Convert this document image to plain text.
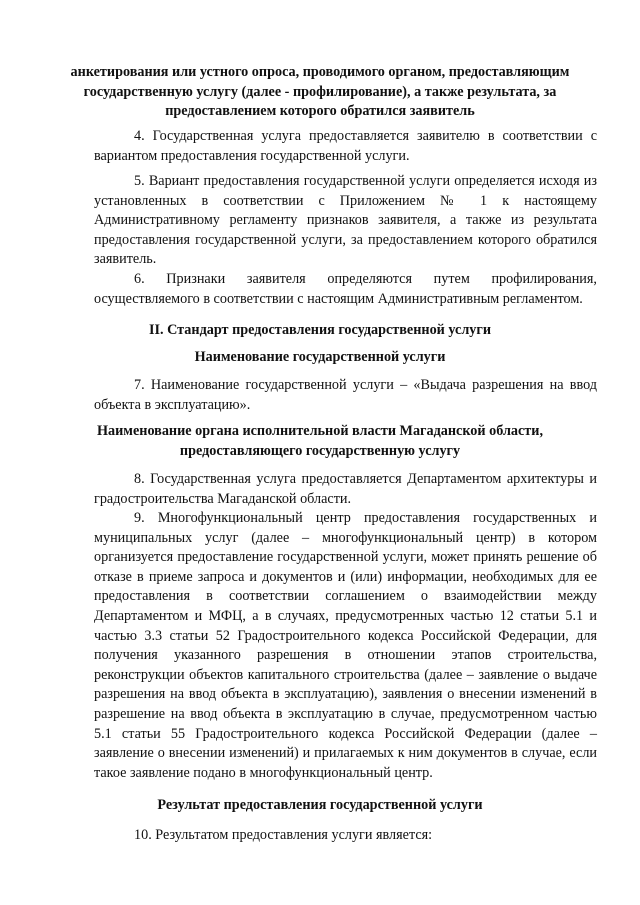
анкетирования или устного опроса, проводимого органом, предоставляющим государственную услугу (далее - профилирование), а также результата, за предоставлением которого обратился заявитель
4. Государственная услуга предоставляется заявителю в соответствии с вариантом предоставления государственной услуги.
5. Вариант предоставления государственной услуги определяется исходя из установленных в соответствии с Приложением № 1 к настоящему Административному регламенту признаков заявителя, а также из результата предоставления государственной услуги, за предоставлением которого обратился заявитель.
6. Признаки заявителя определяются путем профилирования,
осуществляемого в соответствии с настоящим Административным регламентом.
II. Стандарт предоставления государственной услуги
Наименование государственной услуги
7. Наименование государственной услуги – «Выдача разрешения на ввод объекта в эксплуатацию».
Наименование органа исполнительной власти Магаданской области, предоставляющего государственную услугу
8. Государственная услуга предоставляется Департаментом архитектуры и градостроительства Магаданской области.
9. Многофункциональный центр предоставления государственных и муниципальных услуг (далее – многофункциональный центр) в котором организуется предоставление государственной услуги, может принять решение об отказе в приеме запроса и документов и (или) информации, необходимых для ее предоставления в соответствии соглашением о взаимодействии между Департаментом и МФЦ, а в случаях, предусмотренных частью 12 статьи 5.1 и частью 3.3 статьи 52 Градостроительного кодекса Российской Федерации, для получения указанного разрешения в отношении этапов строительства, реконструкции объектов капитального строительства (далее – заявление о выдаче разрешения на ввод объекта в эксплуатацию), заявления о внесении изменений в разрешение на ввод объекта в эксплуатацию в случае, предусмотренном частью 5.1 статьи 55 Градостроительного кодекса Российской Федерации (далее – заявление о внесении изменений) и прилагаемых к ним документов в случае, если такое заявление подано в многофункциональный центр.
Результат предоставления государственной услуги
10. Результатом предоставления услуги является:
